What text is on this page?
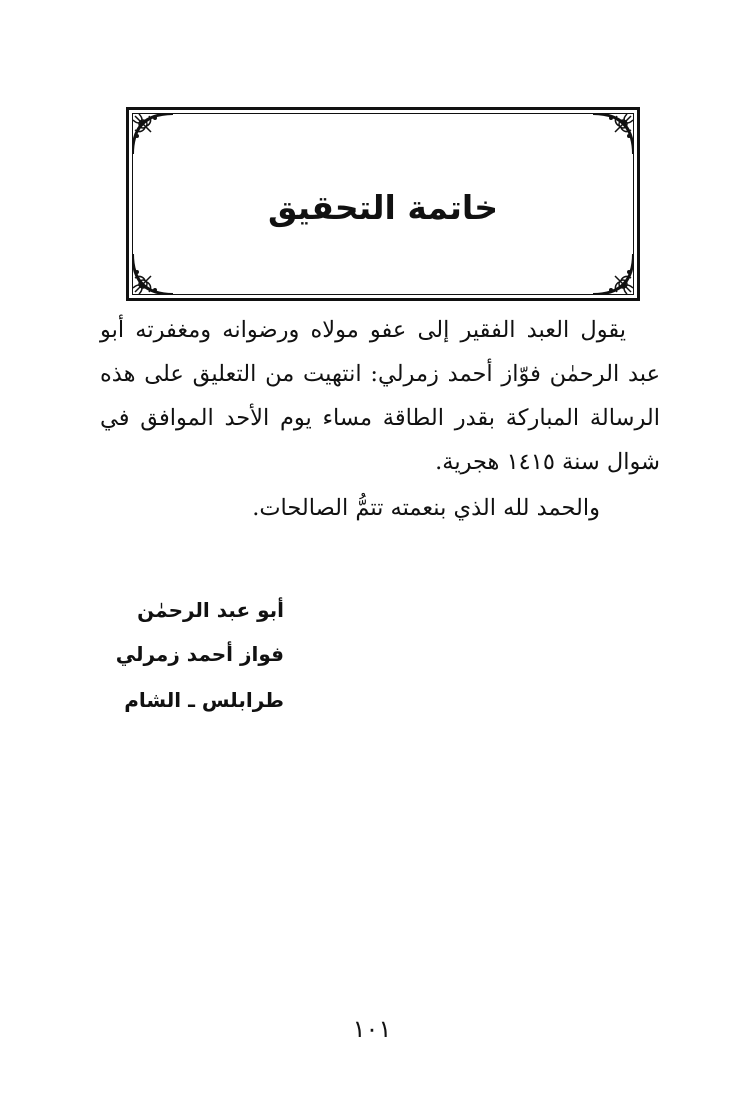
خاتمة التحقيق

يقول العبد الفقير إلى عفو مولاه ورضوانه ومغفرته أبو عبد الرحمٰن فوّاز أحمد زمرلي: انتهيت من التعليق على هذه الرسالة المباركة بقدر الطاقة مساء يوم الأحد الموافق في شوال سنة ١٤١٥ هجرية.

والحمد لله الذي بنعمته تتمُّ الصالحات.

أبو عبد الرحمٰن
فواز أحمد زمرلي
طرابلس ـ الشام
١٠١
